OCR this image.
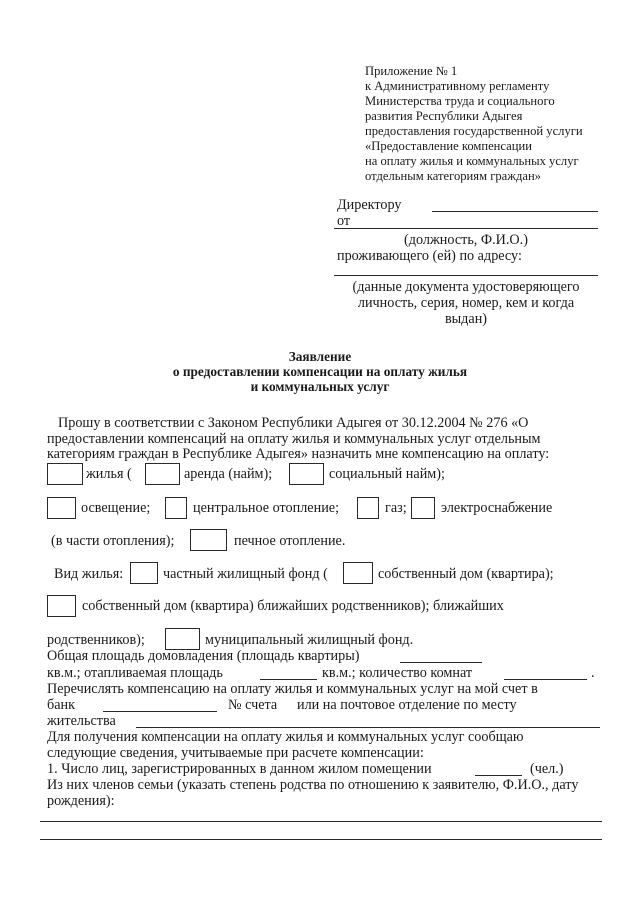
Приложение № 1
к Административному регламенту
Министерства труда и социального
развития Республики Адыгея
предоставления государственной услуги
«Предоставление компенсации
на оплату жилья и коммунальных услуг
отдельным категориям граждан»
Директору
от
(должность, Ф.И.О.)
проживающего (ей) по адресу:
(данные документа удостоверяющего
личность, серия, номер, кем и когда
выдан)
Заявление
о предоставлении компенсации на оплату жилья
и коммунальных услуг
Прошу в соответствии с Законом Республики Адыгея от 30.12.2004 № 276 «О
предоставлении компенсаций на оплату жилья и коммунальных услуг отдельным
категориям граждан в Республике Адыгея» назначить мне компенсацию на оплату:
жилья (	аренда (найм);	социальный найм);
освещение;	центральное отопление;	газ; электроснабжение
(в части отопления);	печное отопление.
Вид жилья:	частный жилищный фонд (	собственный дом (квартира);
собственный дом (квартира) ближайших родственников); ближайших
родственников);	муниципальный жилищный фонд.
Общая площадь домовладения (площадь квартиры)
кв.м.; отапливаемая площадь	кв.м.; количество комнат	.
Перечислять компенсацию на оплату жилья и коммунальных услуг на мой счет в
банк	№ счета или на почтовое отделение по месту
жительства
Для получения компенсации на оплату жилья и коммунальных услуг сообщаю
следующие сведения, учитываемые при расчете компенсации:
1. Число лиц, зарегистрированных в данном жилом помещении	(чел.)
Из них членов семьи (указать степень родства по отношению к заявителю, Ф.И.О., дату
рождения):
